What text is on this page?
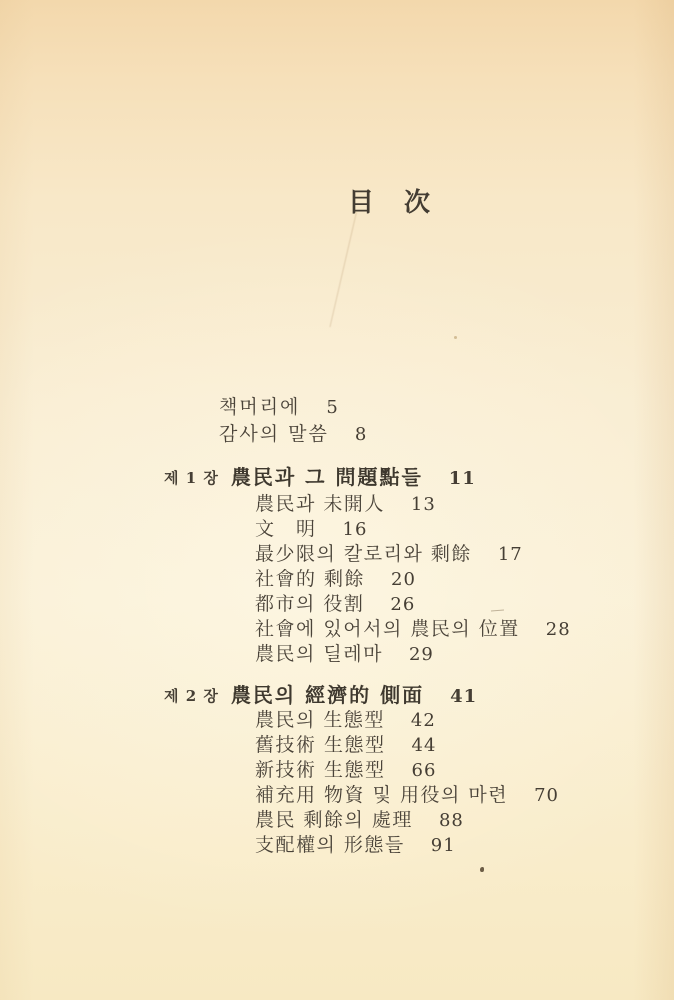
目　次
책머리에 5
감사의 말씀 8
제 1 장 農民과 그 問題點들 11
農民과 未開人 13
文　明 16
最少限의 칼로리와 剩餘 17
社會的 剩餘 20
都市의 役割 26
社會에 있어서의 農民의 位置 28
農民의 딜레마 29
제 2 장 農民의 經濟的 側面 41
農民의 生態型 42
舊技術 生態型 44
新技術 生態型 66
補充用 物資 및 用役의 마련 70
農民 剩餘의 處理 88
支配權의 形態들 91
